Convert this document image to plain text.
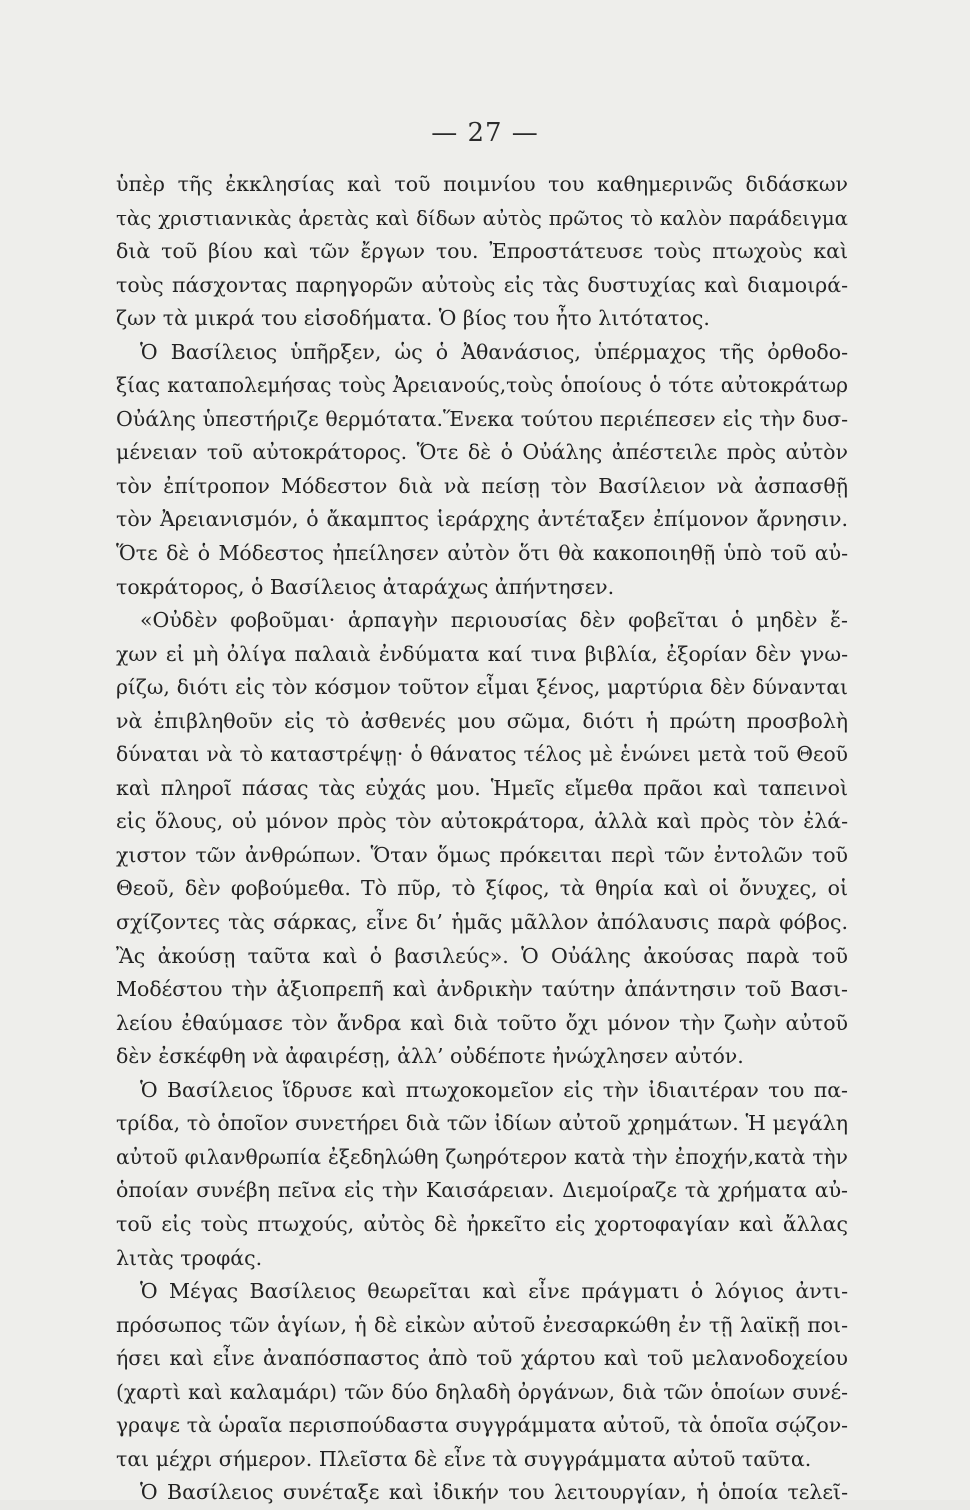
— 27 —
ὑπὲρ τῆς ἐκκλησίας καὶ τοῦ ποιμνίου του καθημερινῶς διδάσκων
τὰς χριστιανικὰς ἀρετὰς καὶ δίδων αὐτὸς πρῶτος τὸ καλὸν παράδειγμα
διὰ τοῦ βίου καὶ τῶν ἔργων του. Ἐπροστάτευσε τοὺς πτωχοὺς καὶ
τοὺς πάσχοντας παρηγορῶν αὐτοὺς εἰς τὰς δυστυχίας καὶ διαμοιρά-
ζων τὰ μικρά του εἰσοδήματα. Ὁ βίος του ἦτο λιτότατος.
Ὁ Βασίλειος ὑπῆρξεν, ὡς ὁ Ἀθανάσιος, ὑπέρμαχος τῆς ὀρθοδο-
ξίας καταπολεμήσας τοὺς Ἀρειανούς,τοὺς ὁποίους ὁ τότε αὐτοκράτωρ
Οὐάλης ὑπεστήριζε θερμότατα.Ἕνεκα τούτου περιέπεσεν εἰς τὴν δυσ-
μένειαν τοῦ αὐτοκράτορος. Ὅτε δὲ ὁ Οὐάλης ἀπέστειλε πρὸς αὐτὸν
τὸν ἐπίτροπον Μόδεστον διὰ νὰ πείσῃ τὸν Βασίλειον νὰ ἀσπασθῇ
τὸν Ἀρειανισμόν, ὁ ἄκαμπτος ἱεράρχης ἀντέταξεν ἐπίμονον ἄρνησιν.
Ὅτε δὲ ὁ Μόδεστος ἠπείλησεν αὐτὸν ὅτι θὰ κακοποιηθῇ ὑπὸ τοῦ αὐ-
τοκράτορος, ὁ Βασίλειος ἀταράχως ἀπήντησεν.
«Οὐδὲν φοβοῦμαι· ἁρπαγὴν περιουσίας δὲν φοβεῖται ὁ μηδὲν ἔ-
χων εἰ μὴ ὀλίγα παλαιὰ ἐνδύματα καί τινα βιβλία, ἐξορίαν δὲν γνω-
ρίζω, διότι εἰς τὸν κόσμον τοῦτον εἶμαι ξένος, μαρτύρια δὲν δύνανται
νὰ ἐπιβληθοῦν εἰς τὸ ἀσθενές μου σῶμα, διότι ἡ πρώτη προσβολὴ
δύναται νὰ τὸ καταστρέψῃ· ὁ θάνατος τέλος μὲ ἑνώνει μετὰ τοῦ Θεοῦ
καὶ πληροῖ πάσας τὰς εὐχάς μου. Ἡμεῖς εἴμεθα πρᾶοι καὶ ταπεινοὶ
εἰς ὅλους, οὐ μόνον πρὸς τὸν αὐτοκράτορα, ἀλλὰ καὶ πρὸς τὸν ἐλά-
χιστον τῶν ἀνθρώπων. Ὅταν ὅμως πρόκειται περὶ τῶν ἐντολῶν τοῦ
Θεοῦ, δὲν φοβούμεθα. Τὸ πῦρ, τὸ ξίφος, τὰ θηρία καὶ οἱ ὄνυχες, οἱ
σχίζοντες τὰς σάρκας, εἶνε δι’ ἡμᾶς μᾶλλον ἀπόλαυσις παρὰ φόβος.
Ἂς ἀκούσῃ ταῦτα καὶ ὁ βασιλεύς». Ὁ Οὐάλης ἀκούσας παρὰ τοῦ
Μοδέστου τὴν ἀξιοπρεπῆ καὶ ἀνδρικὴν ταύτην ἀπάντησιν τοῦ Βασι-
λείου ἐθαύμασε τὸν ἄνδρα καὶ διὰ τοῦτο ὄχι μόνον τὴν ζωὴν αὐτοῦ
δὲν ἐσκέφθη νὰ ἀφαιρέσῃ, ἀλλ’ οὐδέποτε ἠνώχλησεν αὐτόν.
Ὁ Βασίλειος ἵδρυσε καὶ πτωχοκομεῖον εἰς τὴν ἰδιαιτέραν του πα-
τρίδα, τὸ ὁποῖον συνετήρει διὰ τῶν ἰδίων αὐτοῦ χρημάτων. Ἡ μεγάλη
αὐτοῦ φιλανθρωπία ἐξεδηλώθη ζωηρότερον κατὰ τὴν ἐποχήν,κατὰ τὴν
ὁποίαν συνέβη πεῖνα εἰς τὴν Καισάρειαν. Διεμοίραζε τὰ χρήματα αὐ-
τοῦ εἰς τοὺς πτωχούς, αὐτὸς δὲ ἠρκεῖτο εἰς χορτοφαγίαν καὶ ἄλλας
λιτὰς τροφάς.
Ὁ Μέγας Βασίλειος θεωρεῖται καὶ εἶνε πράγματι ὁ λόγιος ἀντι-
πρόσωπος τῶν ἁγίων, ἡ δὲ εἰκὼν αὐτοῦ ἐνεσαρκώθη ἐν τῇ λαϊκῇ ποι-
ήσει καὶ εἶνε ἀναπόσπαστος ἀπὸ τοῦ χάρτου καὶ τοῦ μελανοδοχείου
(χαρτὶ καὶ καλαμάρι) τῶν δύο δηλαδὴ ὀργάνων, διὰ τῶν ὁποίων συνέ-
γραψε τὰ ὡραῖα περισπούδαστα συγγράμματα αὐτοῦ, τὰ ὁποῖα σῴζον-
ται μέχρι σήμερον. Πλεῖστα δὲ εἶνε τὰ συγγράμματα αὐτοῦ ταῦτα.
Ὁ Βασίλειος συνέταξε καὶ ἰδικήν του λειτουργίαν, ἡ ὁποία τελεῖ-
